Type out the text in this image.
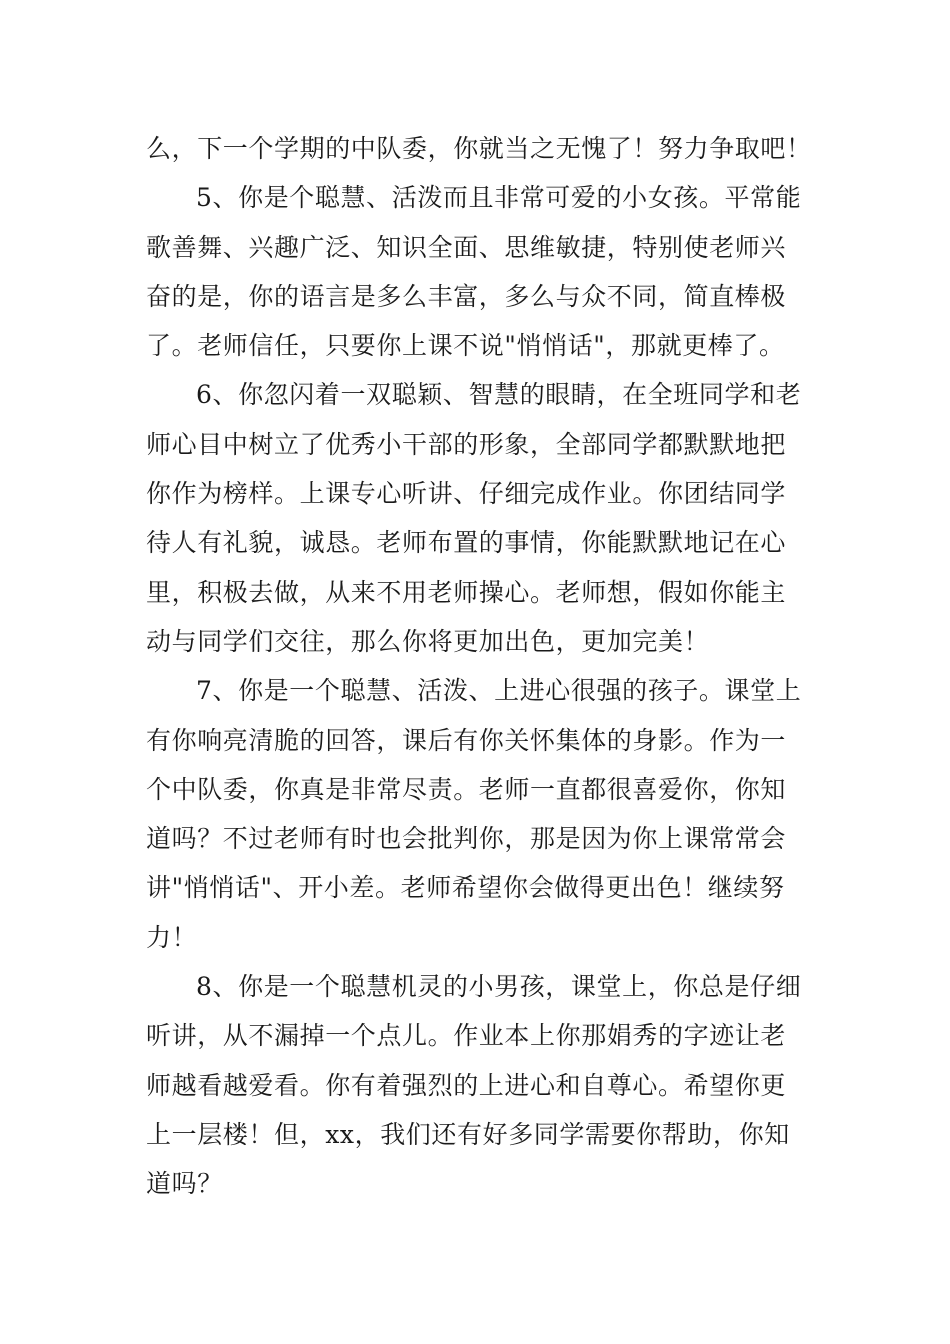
么，下一个学期的中队委，你就当之无愧了！努力争取吧！

5、你是个聪慧、活泼而且非常可爱的小女孩。平常能
歌善舞、兴趣广泛、知识全面、思维敏捷，特别使老师兴
奋的是，你的语言是多么丰富，多么与众不同，简直棒极
了。老师信任，只要你上课不说"悄悄话"，那就更棒了。

6、你忽闪着一双聪颖、智慧的眼睛，在全班同学和老
师心目中树立了优秀小干部的形象，全部同学都默默地把
你作为榜样。上课专心听讲、仔细完成作业。你团结同学
待人有礼貌，诚恳。老师布置的事情，你能默默地记在心
里，积极去做，从来不用老师操心。老师想，假如你能主
动与同学们交往，那么你将更加出色，更加完美！

7、你是一个聪慧、活泼、上进心很强的孩子。课堂上
有你响亮清脆的回答，课后有你关怀集体的身影。作为一
个中队委，你真是非常尽责。老师一直都很喜爱你，你知
道吗？不过老师有时也会批判你，那是因为你上课常常会
讲"悄悄话"、开小差。老师希望你会做得更出色！继续努
力！

8、你是一个聪慧机灵的小男孩，课堂上，你总是仔细
听讲，从不漏掉一个点儿。作业本上你那娟秀的字迹让老
师越看越爱看。你有着强烈的上进心和自尊心。希望你更
上一层楼！但，xx，我们还有好多同学需要你帮助，你知
道吗？
